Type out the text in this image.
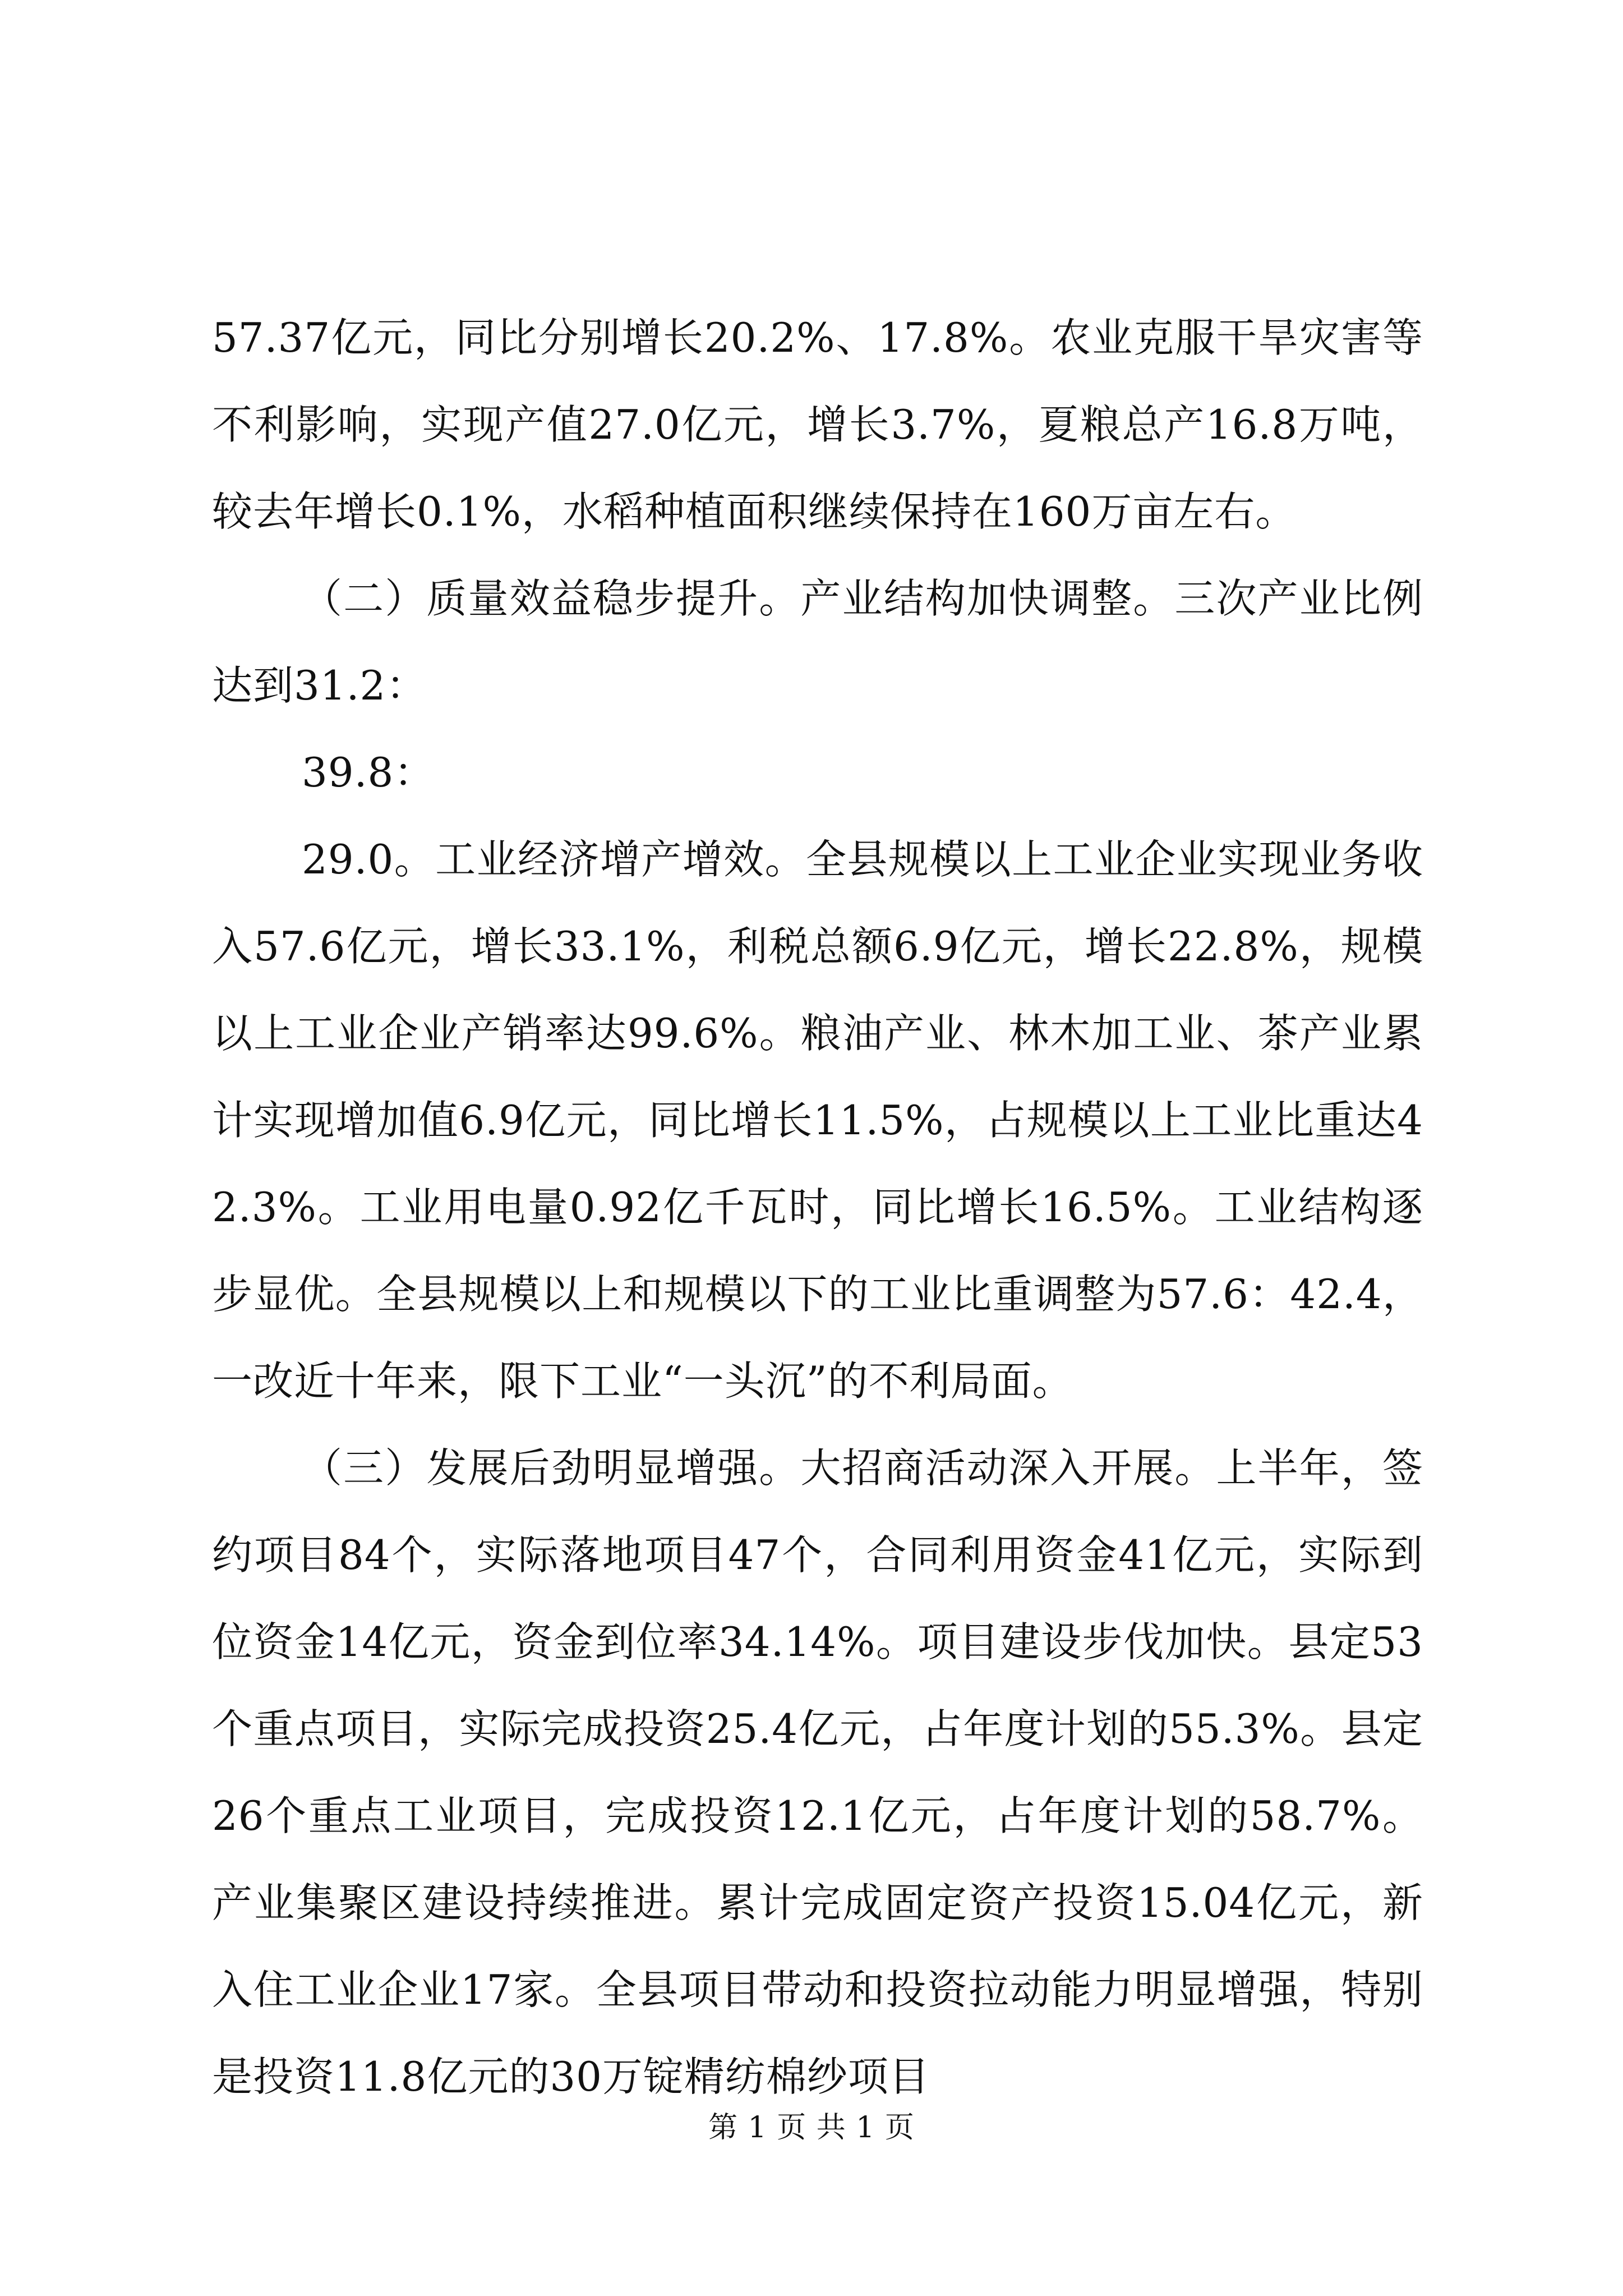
57.37亿元，同比分别增长20.2%、17.8%。农业克服干旱灾害等不利影响，实现产值27.0亿元，增长3.7%，夏粮总产16.8万吨，较去年增长0.1%，水稻种植面积继续保持在160万亩左右。

（二）质量效益稳步提升。产业结构加快调整。三次产业比例达到31.2：

39.8：

29.0。工业经济增产增效。全县规模以上工业企业实现业务收入57.6亿元，增长33.1%，利税总额6.9亿元，增长22.8%，规模以上工业企业产销率达99.6%。粮油产业、林木加工业、茶产业累计实现增加值6.9亿元，同比增长11.5%，占规模以上工业比重达42.3%。工业用电量0.92亿千瓦时，同比增长16.5%。工业结构逐步显优。全县规模以上和规模以下的工业比重调整为57.6：42.4，一改近十年来，限下工业“一头沉”的不利局面。

（三）发展后劲明显增强。大招商活动深入开展。上半年，签约项目84个，实际落地项目47个，合同利用资金41亿元，实际到位资金14亿元，资金到位率34.14%。项目建设步伐加快。县定53个重点项目，实际完成投资25.4亿元，占年度计划的55.3%。县定26个重点工业项目，完成投资12.1亿元，占年度计划的58.7%。产业集聚区建设持续推进。累计完成固定资产投资15.04亿元，新入住工业企业17家。全县项目带动和投资拉动能力明显增强，特别是投资11.8亿元的30万锭精纺棉纱项目

第 1 页 共 1 页
